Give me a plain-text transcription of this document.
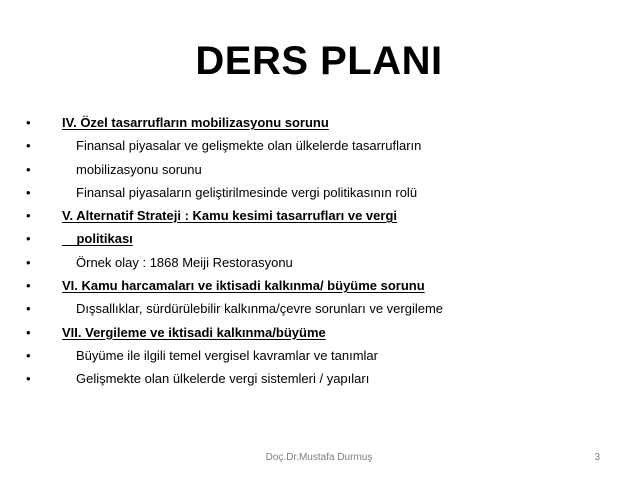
DERS PLANI
• IV. Özel tasarrufların mobilizasyonu sorunu
•	Finansal piyasalar ve gelişmekte olan ülkelerde tasarrufların
•	mobilizasyonu sorunu
•	Finansal piyasaların geliştirilmesinde vergi politikasının rolü
• V. Alternatif Strateji : Kamu kesimi tasarrufları ve vergi
• politikası
•	Örnek olay : 1868 Meiji Restorasyonu
• VI. Kamu harcamaları ve iktisadi kalkınma/ büyüme sorunu
•	Dışsallıklar, sürdürülebilir kalkınma/çevre sorunları ve vergileme
• VII. Vergileme ve iktisadi kalkınma/büyüme
•	Büyüme ile ilgili temel vergisel kavramlar ve tanımlar
•	Gelişmekte olan ülkelerde vergi sistemleri / yapıları
Doç.Dr.Mustafa Durmuş	3
